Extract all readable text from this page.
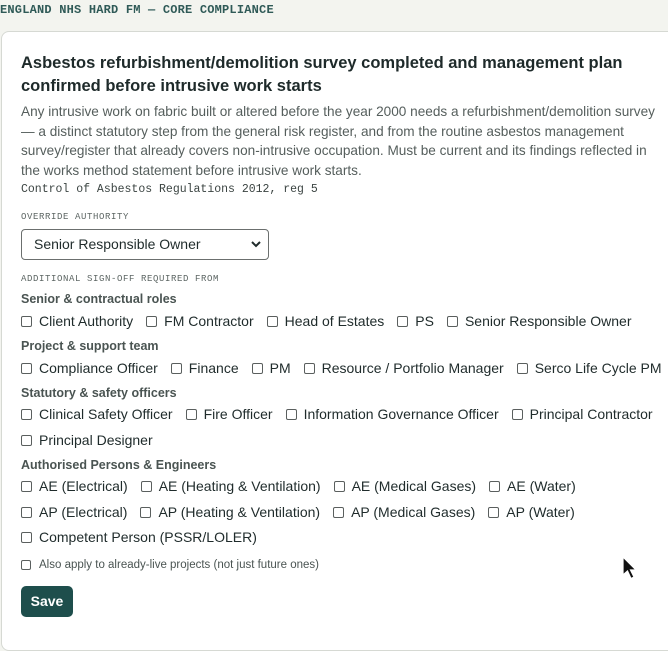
ENGLAND NHS HARD FM — CORE COMPLIANCE
Asbestos refurbishment/demolition survey completed and management plan confirmed before intrusive work starts
Any intrusive work on fabric built or altered before the year 2000 needs a refurbishment/demolition survey — a distinct statutory step from the general risk register, and from the routine asbestos management survey/register that already covers non-intrusive occupation. Must be current and its findings reflected in the works method statement before intrusive work starts.
Control of Asbestos Regulations 2012, reg 5
OVERRIDE AUTHORITY
Senior Responsible Owner
ADDITIONAL SIGN-OFF REQUIRED FROM
Senior & contractual roles
Client Authority FM Contractor Head of Estates PS Senior Responsible Owner
Project & support team
Compliance Officer Finance PM Resource / Portfolio Manager Serco Life Cycle PM
Statutory & safety officers
Clinical Safety Officer Fire Officer Information Governance Officer Principal Contractor
Principal Designer
Authorised Persons & Engineers
AE (Electrical) AE (Heating & Ventilation) AE (Medical Gases) AE (Water)
AP (Electrical) AP (Heating & Ventilation) AP (Medical Gases) AP (Water)
Competent Person (PSSR/LOLER)
Also apply to already-live projects (not just future ones)
Save
